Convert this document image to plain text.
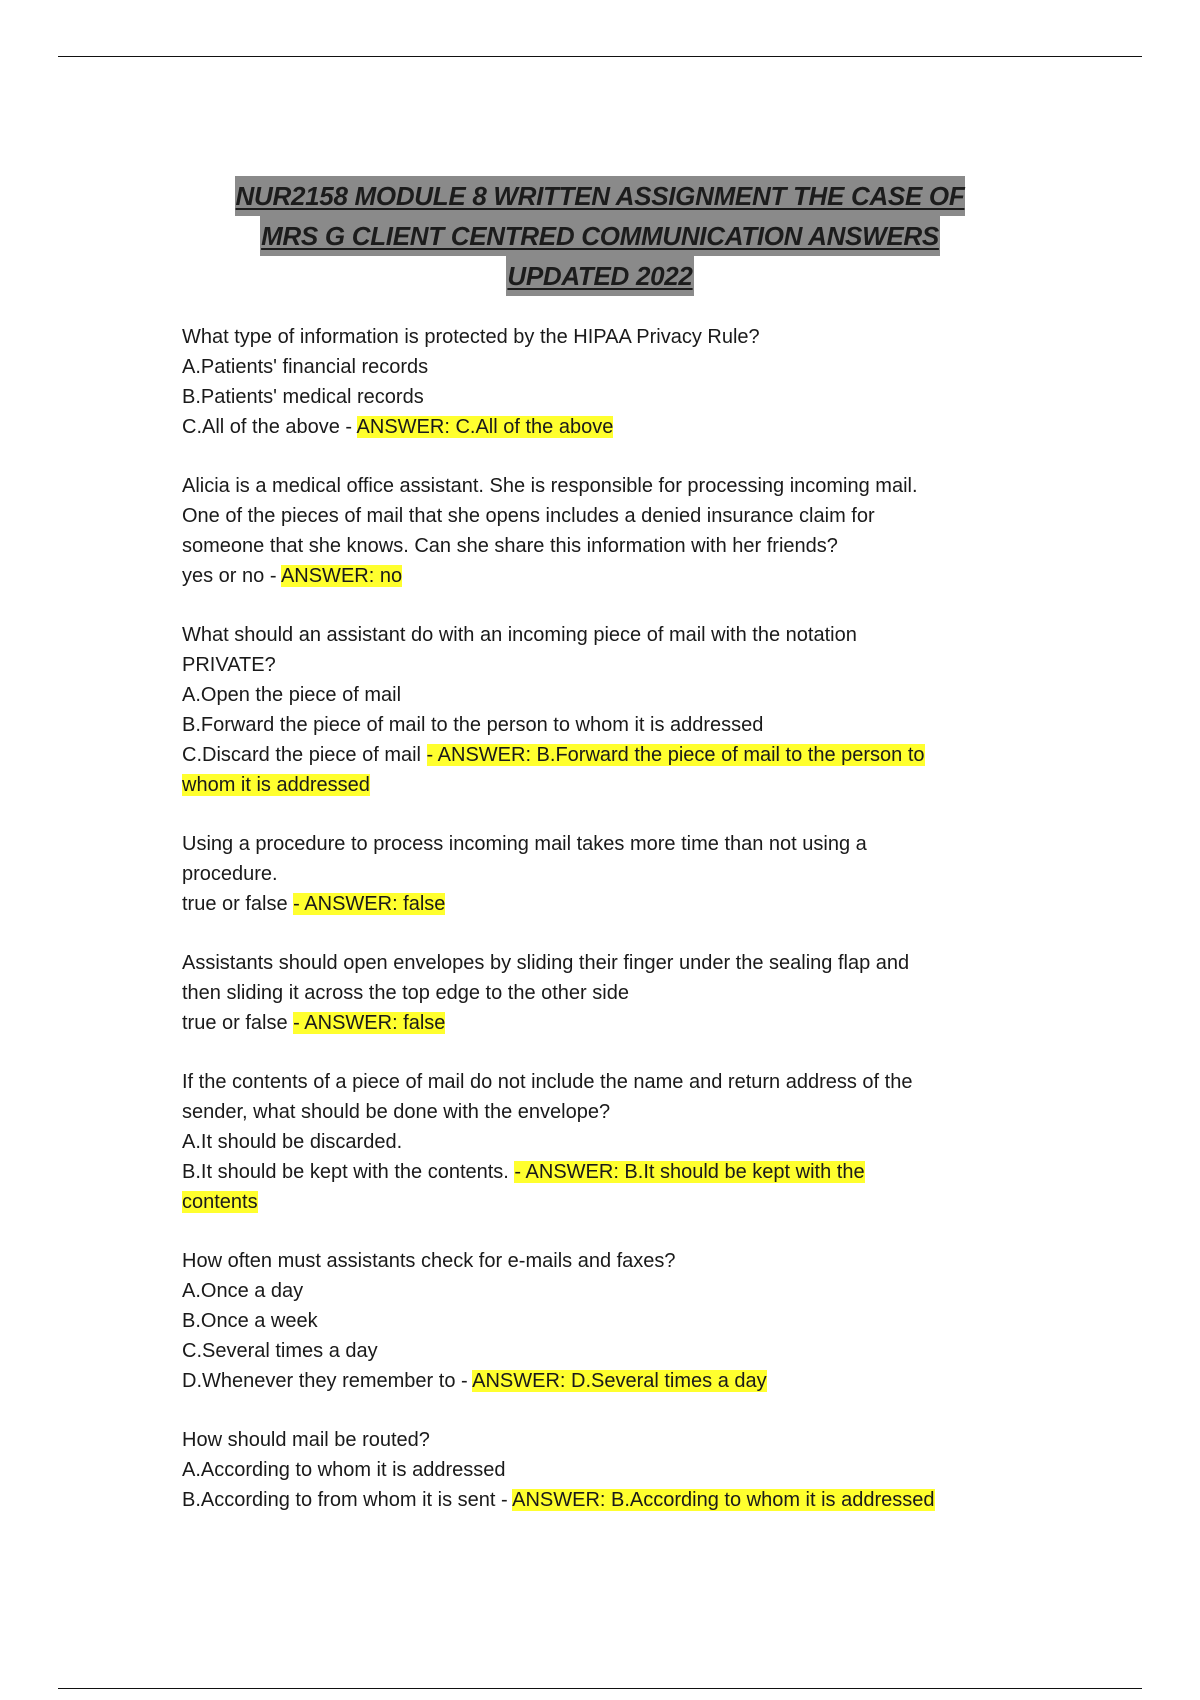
NUR2158 MODULE 8 WRITTEN ASSIGNMENT THE CASE OF
MRS G CLIENT CENTRED COMMUNICATION ANSWERS
UPDATED 2022
What type of information is protected by the HIPAA Privacy Rule?
A.Patients' financial records
B.Patients' medical records
C.All of the above - ANSWER: C.All of the above
Alicia is a medical office assistant. She is responsible for processing incoming mail.
One of the pieces of mail that she opens includes a denied insurance claim for
someone that she knows. Can she share this information with her friends?
yes or no - ANSWER: no
What should an assistant do with an incoming piece of mail with the notation
PRIVATE?
A.Open the piece of mail
B.Forward the piece of mail to the person to whom it is addressed
C.Discard the piece of mail - ANSWER: B.Forward the piece of mail to the person to
whom it is addressed
Using a procedure to process incoming mail takes more time than not using a
procedure.
true or false - ANSWER: false
Assistants should open envelopes by sliding their finger under the sealing flap and
then sliding it across the top edge to the other side
true or false - ANSWER: false
If the contents of a piece of mail do not include the name and return address of the
sender, what should be done with the envelope?
A.It should be discarded.
B.It should be kept with the contents. - ANSWER: B.It should be kept with the
contents
How often must assistants check for e-mails and faxes?
A.Once a day
B.Once a week
C.Several times a day
D.Whenever they remember to - ANSWER: D.Several times a day
How should mail be routed?
A.According to whom it is addressed
B.According to from whom it is sent - ANSWER: B.According to whom it is addressed
